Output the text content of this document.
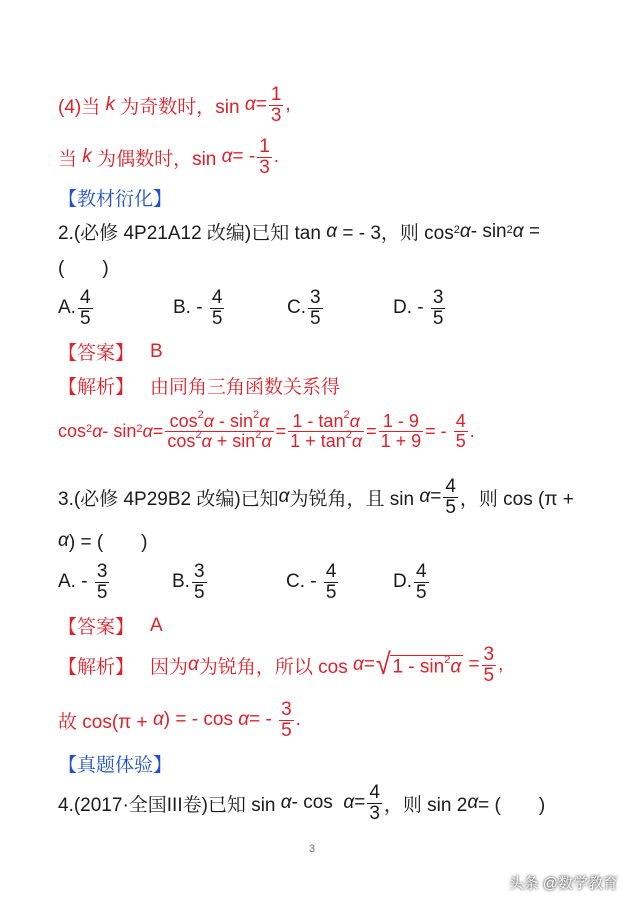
(4)当
k
为奇数时，sin
$\alpha = \frac{1}{3}$ ,
当
k
为偶数时，sin
α = - $\frac{1}{3}$ .
【教材衍化】
2.(必修 4P21A12 改编)已知 tan
α
= - 3，则 $\cos^2 \alpha - \sin^2 \alpha$
=
(　　)
A. $\frac{4}{5}$	B.
-
$\frac{4}{5}$	C. $\frac{3}{5}$	D.
-
$\frac{3}{5}$
【答案】 B
【解析】 由同角三角函数关系得
$\cos^2 \alpha - \sin^2 \alpha = \frac{\cos^2\alpha - \sin^2\alpha}{\cos^2\alpha + \sin^2\alpha} = \frac{1 - \tan^2\alpha}{1 + \tan^2\alpha} = \frac{1 - 9}{1 + 9}$ = -
$\frac{4}{5}$ .
3.(必修 4P29B2 改编)已知 α 为锐角，且 sin
$\alpha = \frac{4}{5}$ ，则 cos (π +
α ) = (　　)
A.
-
$\frac{3}{5}$	B. $\frac{3}{5}$	C.
-
$\frac{4}{5}$	D. $\frac{4}{5}$
【答案】 A
【解析】 因为 α 为锐角，所以 cos
α = √ $1 - \sin^2\alpha$
= $\frac{3}{5}$ ,
故 cos(π +
α ) = - cos
α = -
$\frac{3}{5}$ .
【真题体验】
4.(2017·全国III卷)已知 sin
α - cos
$\alpha = \frac{4}{3}$ ，则 sin 2 α = (　　)
3
头条 @数学教育
